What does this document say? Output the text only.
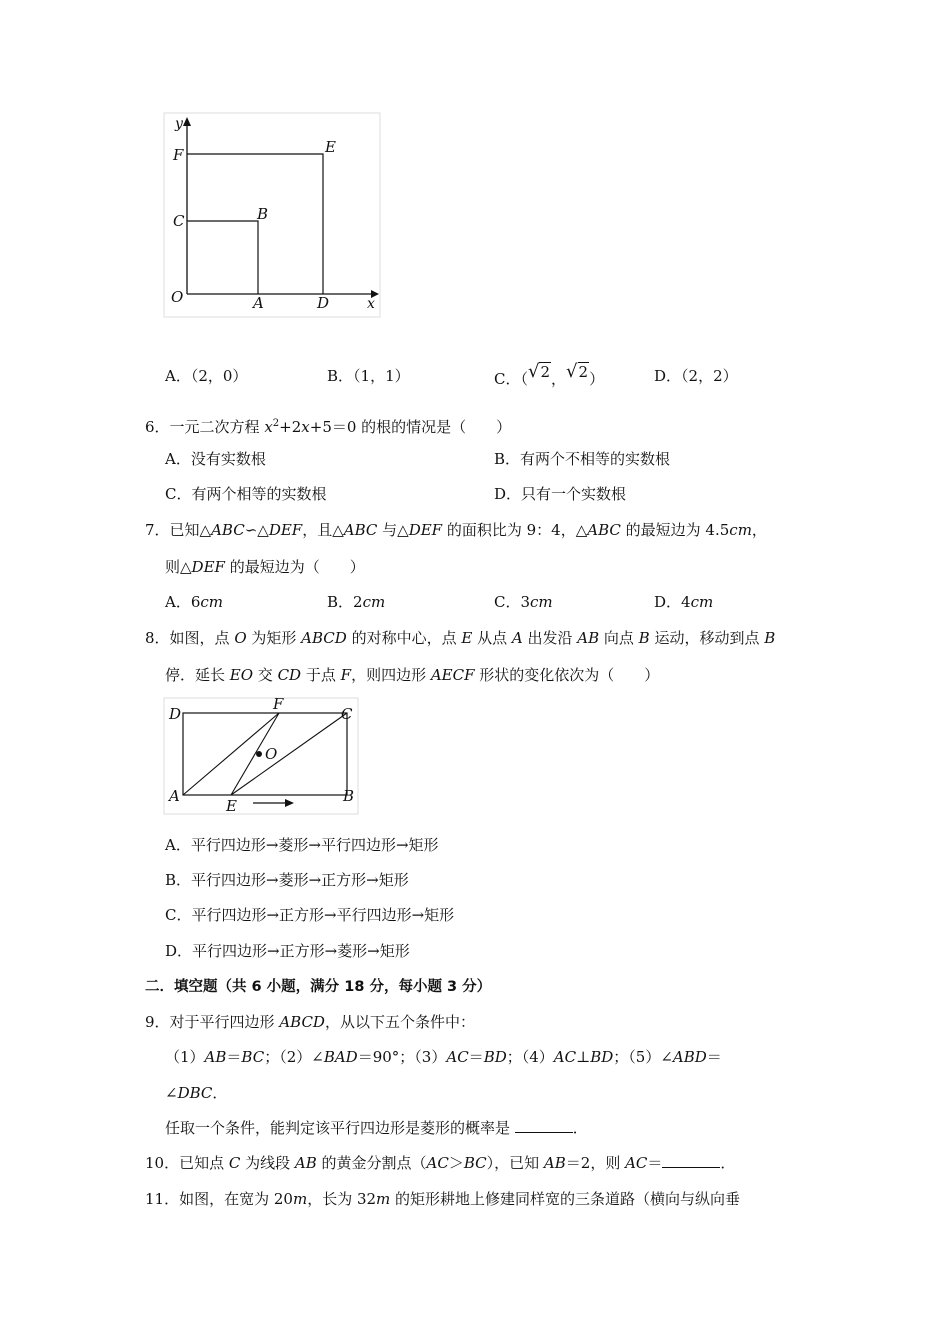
y
x
F	E
C	B
O	A	D
A．（2，0）	B．（1，1）	C．（√2，√2）	D．（2，2）
6．一元二次方程 $x^2+2x+5=0$ 的根的情况是（　　）
A．没有实数根	B．有两个不相等的实数根
C．有两个相等的实数根	D．只有一个实数根
7．已知△ABC∽△DEF，且△ABC 与△DEF 的面积比为 9：4，△ABC 的最短边为 4.5cm，
则△DEF 的最短边为（　　）
A．6cm	B．2cm	C．3cm	D．4cm
8．如图，点 O 为矩形 ABCD 的对称中心，点 E 从点 A 出发沿 AB 向点 B 运动，移动到点 B
停．延长 EO 交 CD 于点 F，则四边形 AECF 形状的变化依次为（　　）
D
F
C
O
A
E
B
A．平行四边形→菱形→平行四边形→矩形
B．平行四边形→菱形→正方形→矩形
C．平行四边形→正方形→平行四边形→矩形
D．平行四边形→正方形→菱形→矩形
二．填空题（共 6 小题，满分 18 分，每小题 3 分）
9．对于平行四边形 ABCD，从以下五个条件中：
（1）AB＝BC；（2）∠BAD＝90°；（3）AC＝BD；（4）AC⊥BD；（5）∠ABD＝
∠DBC．
任取一个条件，能判定该平行四边形是菱形的概率是	．
10．已知点 C 为线段 AB 的黄金分割点（AC＞BC），已知 AB＝2，则 AC＝	．
11．如图，在宽为 20m，长为 32m 的矩形耕地上修建同样宽的三条道路（横向与纵向垂
